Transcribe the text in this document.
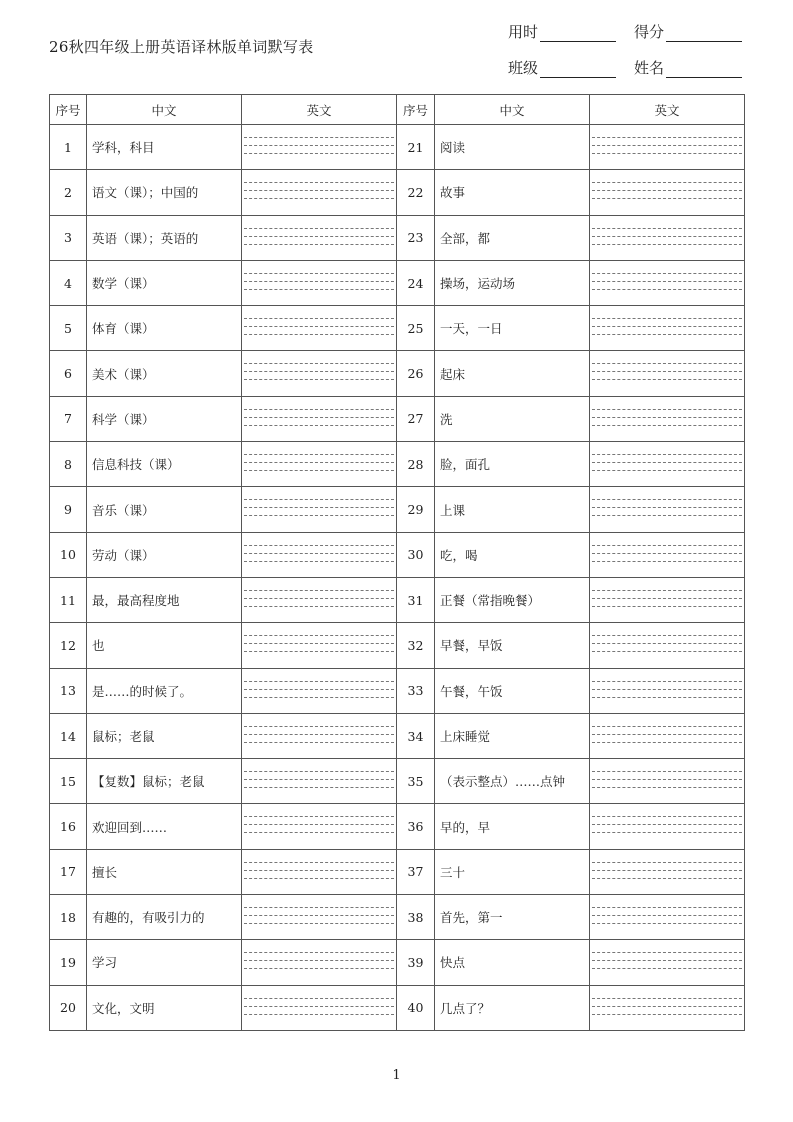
26秋四年级上册英语译林版单词默写表
用时	得分
班级	姓名
序号	中文	英文	序号	中文	英文
1	学科，科目		21	阅读	

2	语文（课）；中国的		22	故事	

3	英语（课）；英语的		23	全部，都	

4	数学（课）		24	操场，运动场	

5	体育（课）		25	一天，一日	

6	美术（课）		26	起床	

7	科学（课）		27	洗	

8	信息科技（课）		28	脸，面孔	

9	音乐（课）		29	上课	

10	劳动（课）		30	吃，喝	

11	最，最高程度地		31	正餐（常指晚餐）	

12	也		32	早餐，早饭	

13	是……的时候了。		33	午餐，午饭	

14	鼠标；老鼠		34	上床睡觉	

15	【复数】鼠标；老鼠		35	（表示整点）……点钟	

16	欢迎回到……		36	早的，早	

17	擅长		37	三十	

18	有趣的，有吸引力的		38	首先，第一	

19	学习		39	快点	

20	文化，文明		40	几点了？	
1
